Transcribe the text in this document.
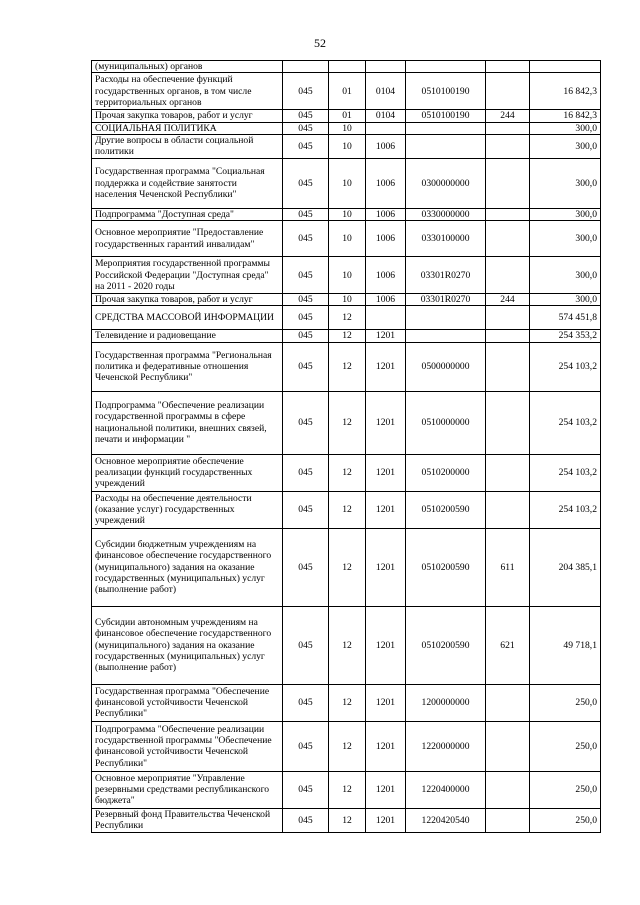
52
(муниципальных) органов						
Расходы на обеспечение функций государственных органов, в том числе территориальных органов	045	01	0104	0510100190		16 842,3
Прочая закупка товаров, работ и услуг	045	01	0104	0510100190	244	16 842,3
СОЦИАЛЬНАЯ ПОЛИТИКА	045	10				300,0
Другие вопросы в области социальной политики	045	10	1006			300,0
Государственная программа "Социальная поддержка и содействие занятости населения Чеченской Республики"	045	10	1006	0300000000		300,0
Подпрограмма "Доступная среда"	045	10	1006	0330000000		300,0
Основное мероприятие "Предоставление государственных гарантий инвалидам"	045	10	1006	0330100000		300,0
Мероприятия государственной программы Российской Федерации "Доступная среда" на 2011 - 2020 годы	045	10	1006	03301R0270		300,0
Прочая закупка товаров, работ и услуг	045	10	1006	03301R0270	244	300,0
СРЕДСТВА МАССОВОЙ ИНФОРМАЦИИ	045	12				574 451,8
Телевидение и радиовещание	045	12	1201			254 353,2
Государственная программа "Региональная политика и федеративные отношения Чеченской Республики"	045	12	1201	0500000000		254 103,2
Подпрограмма "Обеспечение реализации государственной программы в сфере национальной политики, внешних связей, печати и информации "	045	12	1201	0510000000		254 103,2
Основное мероприятие обеспечение реализации функций государственных учреждений	045	12	1201	0510200000		254 103,2
Расходы на обеспечение деятельности (оказание услуг) государственных учреждений	045	12	1201	0510200590		254 103,2
Субсидии бюджетным учреждениям на финансовое обеспечение государственного (муниципального) задания на оказание государственных (муниципальных) услуг (выполнение работ)	045	12	1201	0510200590	611	204 385,1
Субсидии автономным учреждениям на финансовое обеспечение государственного (муниципального) задания на оказание государственных (муниципальных) услуг (выполнение работ)	045	12	1201	0510200590	621	49 718,1
Государственная программа "Обеспечение финансовой устойчивости Чеченской Республики"	045	12	1201	1200000000		250,0
Подпрограмма "Обеспечение реализации государственной программы "Обеспечение финансовой устойчивости Чеченской Республики"	045	12	1201	1220000000		250,0
Основное мероприятие "Управление резервными средствами республиканского бюджета"	045	12	1201	1220400000		250,0
Резервный фонд Правительства Чеченской Республики	045	12	1201	1220420540		250,0
